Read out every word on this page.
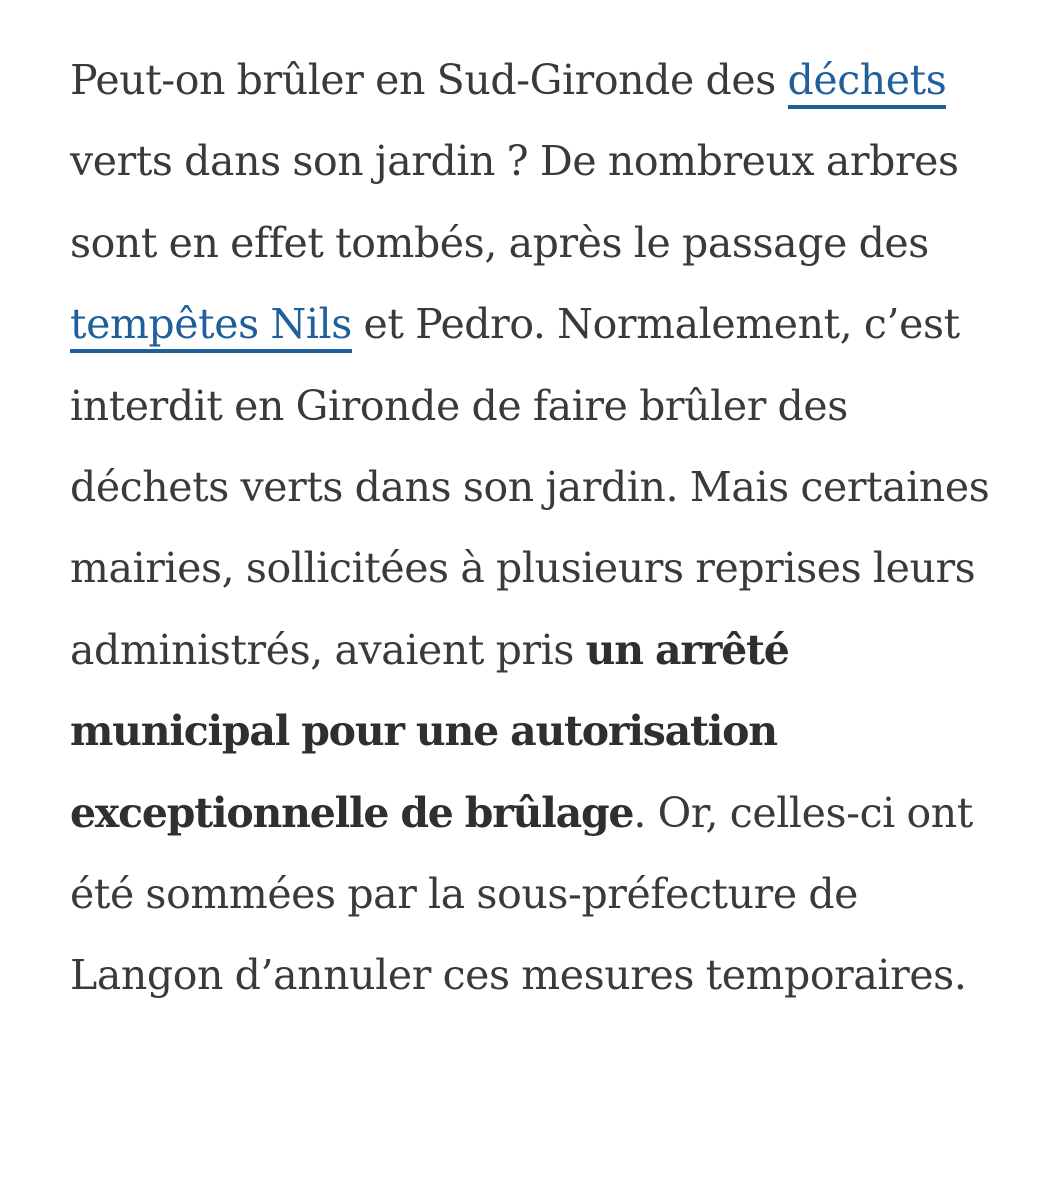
Peut-on brûler en Sud-Gironde des déchets verts dans son jardin ? De nombreux arbres sont en effet tombés, après le passage des tempêtes Nils et Pedro. Normalement, c’est interdit en Gironde de faire brûler des déchets verts dans son jardin. Mais certaines mairies, sollicitées à plusieurs reprises leurs administrés, avaient pris un arrêté municipal pour une autorisation exceptionnelle de brûlage. Or, celles-ci ont été sommées par la sous-préfecture de Langon d’annuler ces mesures temporaires.
